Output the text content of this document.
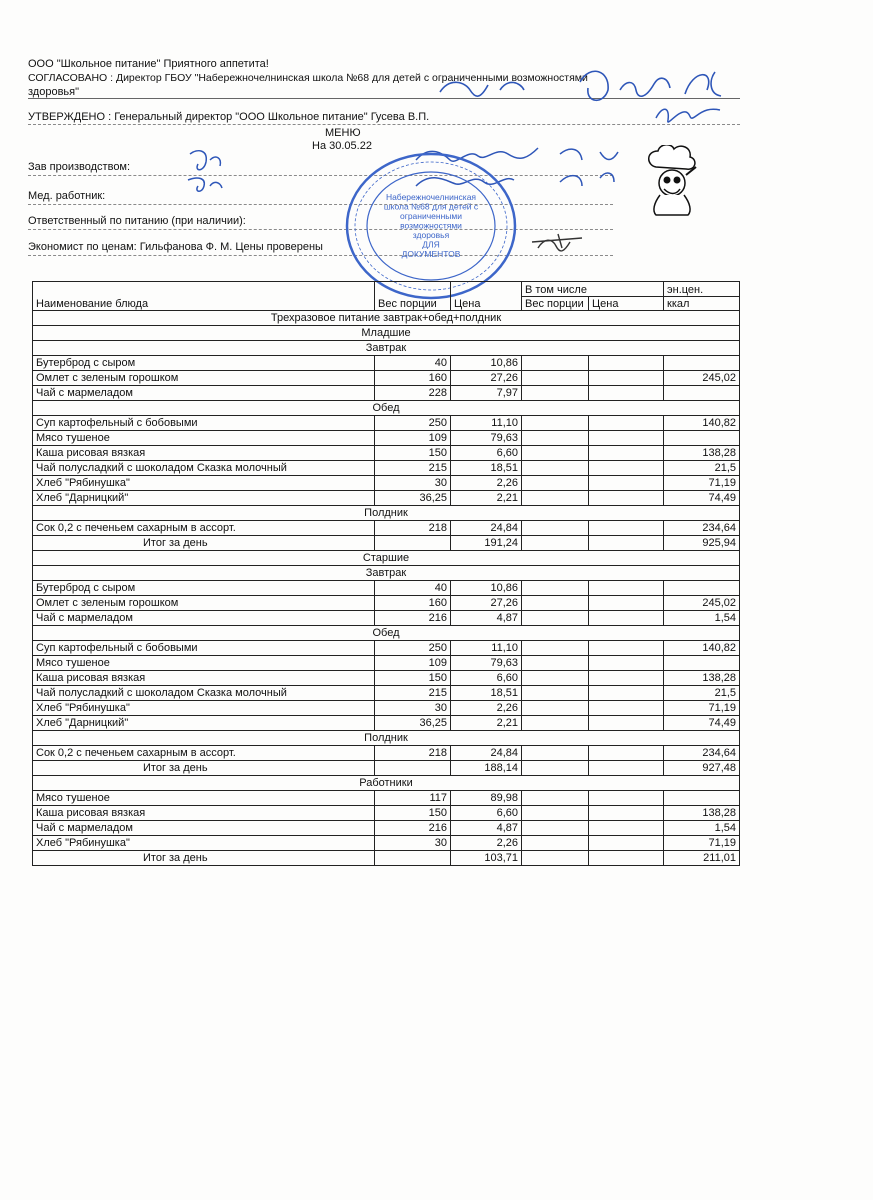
ООО "Школьное питание" Приятного аппетита!
СОГЛАСОВАНО : Директор ГБОУ "Набережночелнинская школа №68 для детей с ограниченными возможностями
здоровья"
УТВЕРЖДЕНО : Генеральный директор "ООО Школьное питание" Гусева В.П.
МЕНЮ
На 30.05.22
Зав производством:
Мед. работник:
Ответственный по питанию (при наличии):
Экономист по ценам: Гильфанова Ф. М. Цены проверены
Набережночелнинская школа №68 для детей с ограниченными возможностями здоровья ДЛЯ ДОКУМЕНТОВ
Наименование блюда	Вес порции	Цена	В том числе		эн.цен.
			Вес порции	Цена	ккал
Трехразовое питание завтрак+обед+полдник					
Младшие					
Завтрак					
Бутерброд с сыром	40	10,86			
Омлет с зеленым горошком	160	27,26			245,02
Чай с мармеладом	228	7,97			
Обед					
Суп картофельный с бобовыми	250	11,10			140,82
Мясо тушеное	109	79,63			
Каша рисовая вязкая	150	6,60			138,28
Чай полусладкий с шоколадом Сказка молочный	215	18,51			21,5
Хлеб "Рябинушка"	30	2,26			71,19
Хлеб "Дарницкий"	36,25	2,21			74,49
Полдник					
Сок 0,2 с печеньем сахарным в ассорт.	218	24,84			234,64
Итог за день		191,24			925,94
Старшие					
Завтрак					
Бутерброд с сыром	40	10,86			
Омлет с зеленым горошком	160	27,26			245,02
Чай с мармеладом	216	4,87			1,54
Обед					
Суп картофельный с бобовыми	250	11,10			140,82
Мясо тушеное	109	79,63			
Каша рисовая вязкая	150	6,60			138,28
Чай полусладкий с шоколадом Сказка молочный	215	18,51			21,5
Хлеб "Рябинушка"	30	2,26			71,19
Хлеб "Дарницкий"	36,25	2,21			74,49
Полдник					
Сок 0,2 с печеньем сахарным в ассорт.	218	24,84			234,64
Итог за день		188,14			927,48
Работники					
Мясо тушеное	117	89,98			
Каша рисовая вязкая	150	6,60			138,28
Чай с мармеладом	216	4,87			1,54
Хлеб "Рябинушка"	30	2,26			71,19
Итог за день		103,71			211,01
